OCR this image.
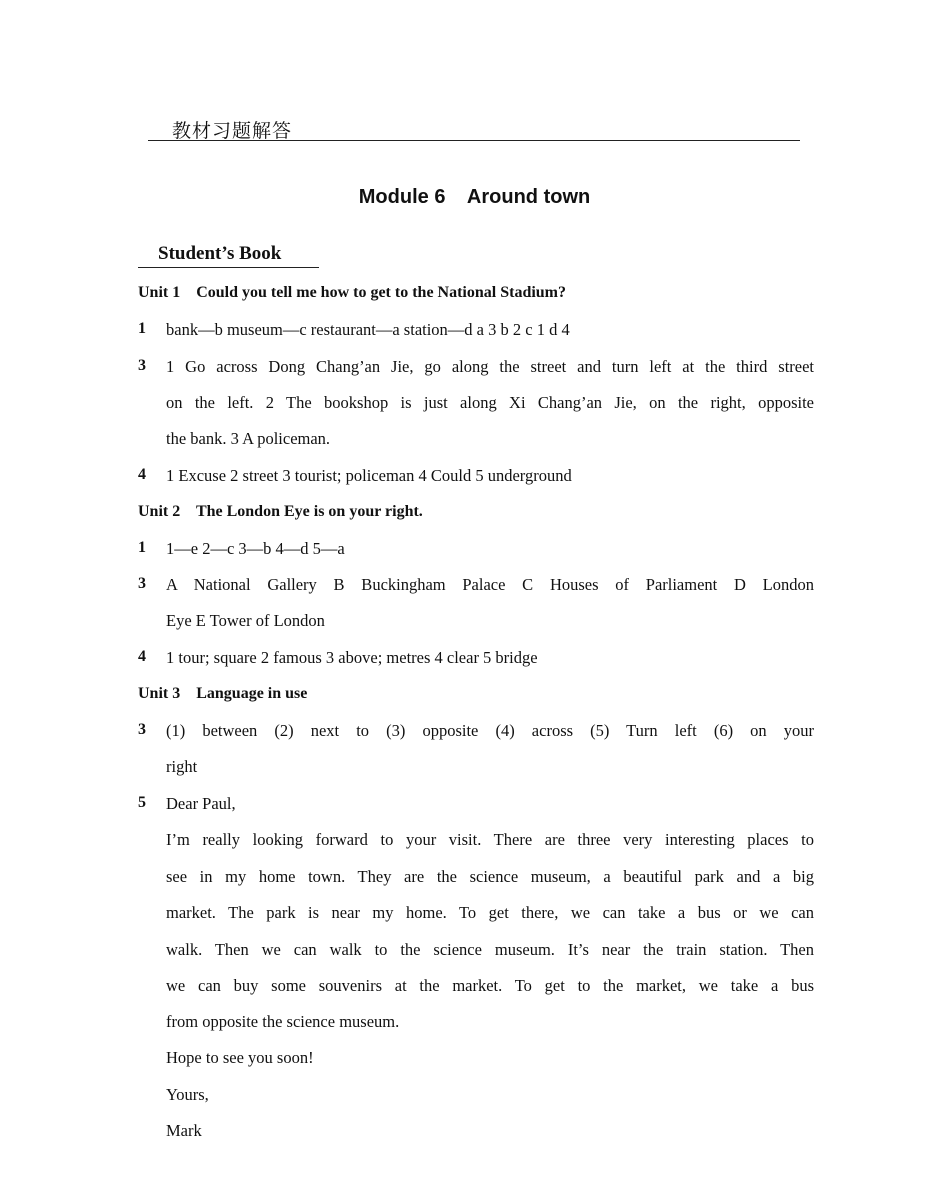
教材习题解答
Module 6    Around town
Student’s Book
Unit 1    Could you tell me how to get to the National Stadium?
1 bank—b museum—c restaurant—a station—d a 3 b 2 c 1 d 4
3 1 Go across Dong Chang’an Jie, go along the street and turn left at the third street
on the left. 2 The bookshop is just along Xi Chang’an Jie, on the right, opposite
the bank. 3 A policeman.
4 1 Excuse 2 street 3 tourist; policeman 4 Could 5 underground
Unit 2    The London Eye is on your right.
1 1—e 2—c 3—b 4—d 5—a
3 A National Gallery B Buckingham Palace C Houses of Parliament D London
Eye E Tower of London
4 1 tour; square 2 famous 3 above; metres 4 clear 5 bridge
Unit 3    Language in use
3 (1) between (2) next to (3) opposite (4) across (5) Turn left (6) on your
right
5 Dear Paul,
I’m really looking forward to your visit. There are three very interesting places to
see in my home town. They are the science museum, a beautiful park and a big
market. The park is near my home. To get there, we can take a bus or we can
walk. Then we can walk to the science museum. It’s near the train station. Then
we can buy some souvenirs at the market. To get to the market, we take a bus
from opposite the science museum.
Hope to see you soon!
Yours,
Mark
